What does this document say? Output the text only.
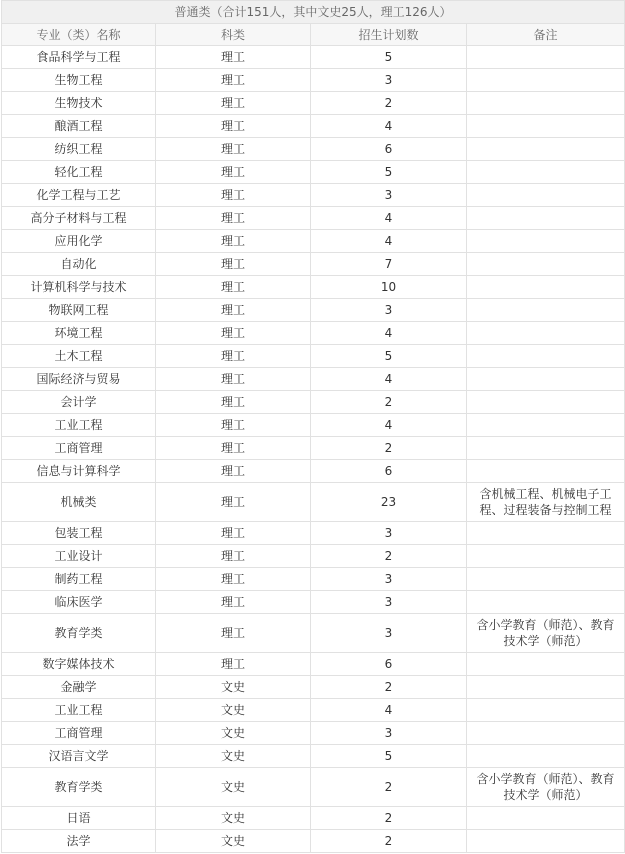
普通类（合计151人，其中文史25人，理工126人）			
专业（类）名称	科类	招生计划数	备注
食品科学与工程	理工	5	
生物工程	理工	3	
生物技术	理工	2	
酿酒工程	理工	4	
纺织工程	理工	6	
轻化工程	理工	5	
化学工程与工艺	理工	3	
高分子材料与工程	理工	4	
应用化学	理工	4	
自动化	理工	7	
计算机科学与技术	理工	10	
物联网工程	理工	3	
环境工程	理工	4	
土木工程	理工	5	
国际经济与贸易	理工	4	
会计学	理工	2	
工业工程	理工	4	
工商管理	理工	2	
信息与计算科学	理工	6	
机械类	理工	23	含机械工程、机械电子工程、过程装备与控制工程
包装工程	理工	3	
工业设计	理工	2	
制药工程	理工	3	
临床医学	理工	3	
教育学类	理工	3	含小学教育（师范）、教育技术学（师范）
数字媒体技术	理工	6	
金融学	文史	2	
工业工程	文史	4	
工商管理	文史	3	
汉语言文学	文史	5	
教育学类	文史	2	含小学教育（师范）、教育技术学（师范）
日语	文史	2	
法学	文史	2	
